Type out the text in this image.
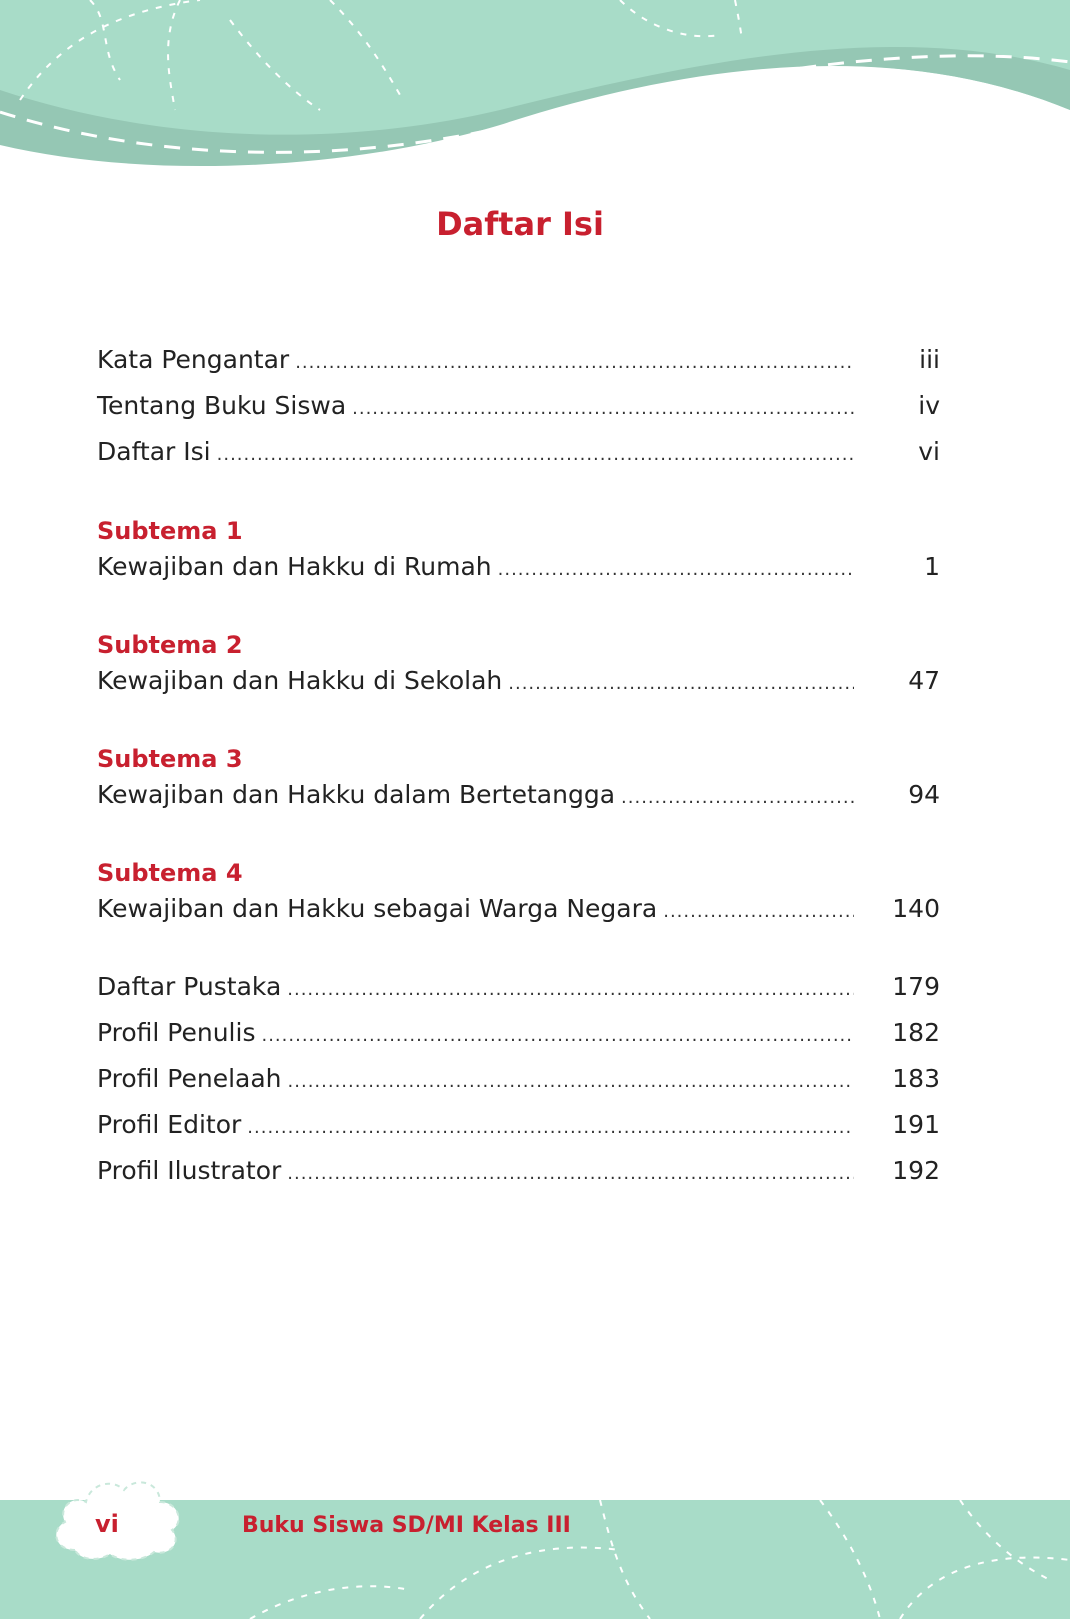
Daftar Isi
Kata Pengantar .....	iii
Tentang Buku Siswa .....	iv
Daftar Isi .....	vi
Subtema 1
Kewajiban dan Hakku di Rumah .....	1
Subtema 2
Kewajiban dan Hakku di Sekolah .....	47
Subtema 3
Kewajiban dan Hakku dalam Bertetangga .....	94
Subtema 4
Kewajiban dan Hakku sebagai Warga Negara .....	140
Daftar Pustaka .....	179
Profil Penulis .....	182
Profil Penelaah .....	183
Profil Editor .....	191
Profil Ilustrator .....	192
vi	Buku Siswa SD/MI Kelas III
